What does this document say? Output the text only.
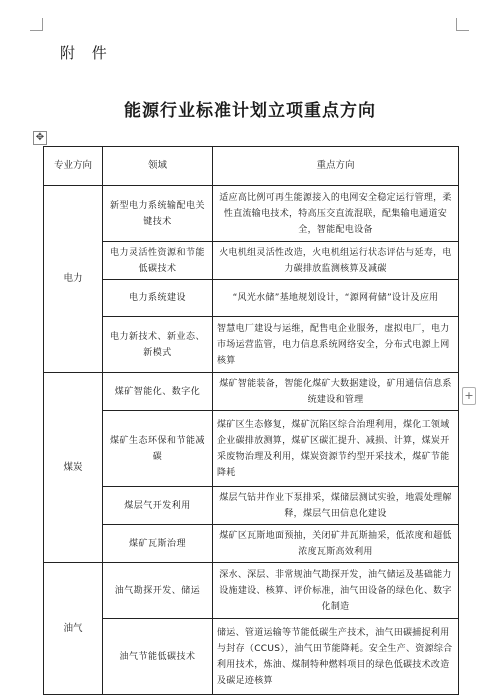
附 件
能源行业标准计划立项重点方向
✥
+
专业方向	领域	重点方向
电力	新型电力系统输配电关键技术	适应高比例可再生能源接入的电网安全稳定运行管理，柔性直流输电技术，特高压交直流混联，配集输电通道安全，智能配电设备
	电力灵活性资源和节能低碳技术	火电机组灵活性改造，火电机组运行状态评估与延寿，电力碳排放监测核算及减碳
	电力系统建设	“风光水储”基地规划设计，“源网荷储”设计及应用
	电力新技术、新业态、新模式	智慧电厂建设与运维，配售电企业服务，虚拟电厂，电力市场运营监管，电力信息系统网络安全，分布式电源上网核算
煤炭	煤矿智能化、数字化	煤矿智能装备，智能化煤矿大数据建设，矿用通信信息系统建设和管理
	煤矿生态环保和节能减碳	煤矿区生态修复，煤矿沉陷区综合治理利用，煤化工领域企业碳排放测算，煤矿区碳汇提升、减损、计算，煤炭开采废物治理及利用，煤炭资源节约型开采技术，煤矿节能降耗
	煤层气开发利用	煤层气钻井作业下泵排采，煤储层测试实验，地震处理解释，煤层气田信息化建设
	煤矿瓦斯治理	煤矿区瓦斯地面预抽，关闭矿井瓦斯抽采，低浓度和超低浓度瓦斯高效利用
油气	油气勘探开发、储运	深水、深层、非常规油气勘探开发，油气储运及基础能力设施建设、核算、评价标准，油气田设备的绿色化、数字化制造
	油气节能低碳技术	储运、管道运输等节能低碳生产技术，油气田碳捕捉利用与封存（CCUS），油气田节能降耗。安全生产、资源综合利用技术，炼油、煤制特种燃料项目的绿色低碳技术改造及碳足迹核算
